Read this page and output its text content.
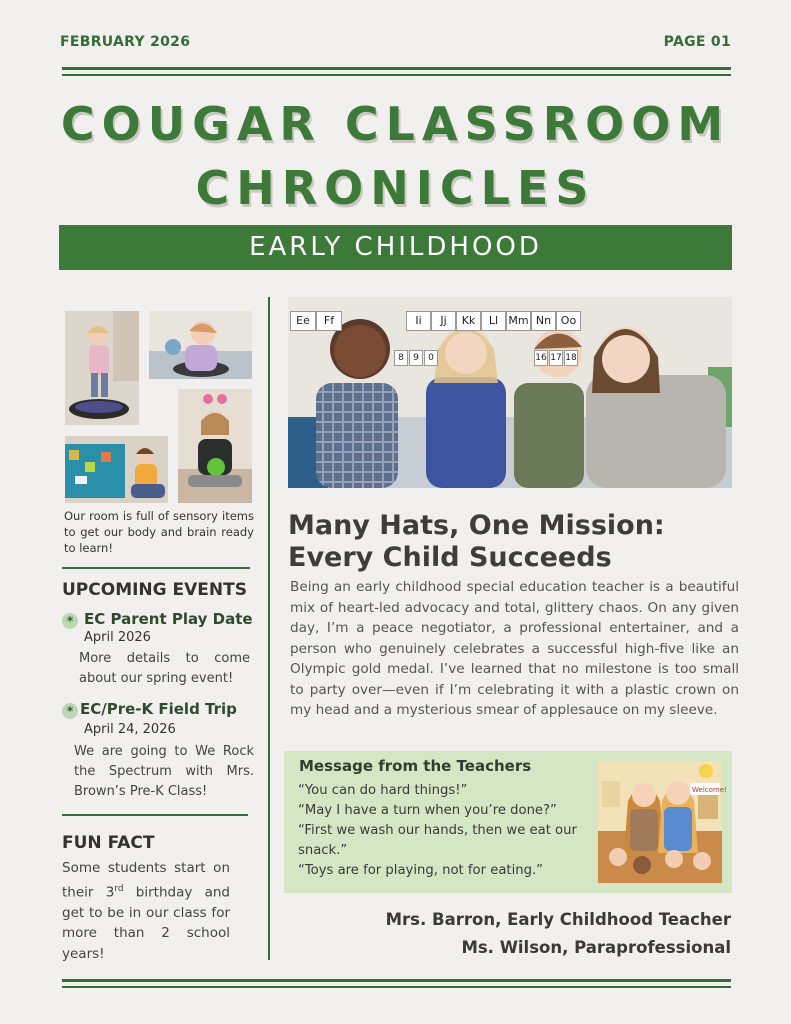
FEBRUARY 2026	PAGE 01
COUGAR CLASSROOM
CHRONICLES
EARLY CHILDHOOD
Our room is full of sensory items to get our body and brain ready to learn!
UPCOMING EVENTS
* EC Parent Play Date
April 2026
More details to come about our spring event!
* EC/Pre-K Field Trip
April 24, 2026
We are going to We Rock the Spectrum with Mrs. Brown’s Pre-K Class!
FUN FACT
Some students start on their 3rd birthday and get to be in our class for more than 2 school years!
Ee Ff	Ii Jj Kk Ll Mm Nn Oo
8 9 0	16 17 18
Many Hats, One Mission:
Every Child Succeeds
Being an early childhood special education teacher is a beautiful mix of heart-led advocacy and total, glittery chaos. On any given day, I’m a peace negotiator, a professional entertainer, and a person who genuinely celebrates a successful high-five like an Olympic gold medal. I’ve learned that no milestone is too small to party over—even if I’m celebrating it with a plastic crown on my head and a mysterious smear of applesauce on my sleeve.
Message from the Teachers
“You can do hard things!”
“May I have a turn when you’re done?”
“First we wash our hands, then we eat our snack.”
“Toys are for playing, not for eating.”
Welcome!
Mrs. Barron, Early Childhood Teacher
Ms. Wilson, Paraprofessional
